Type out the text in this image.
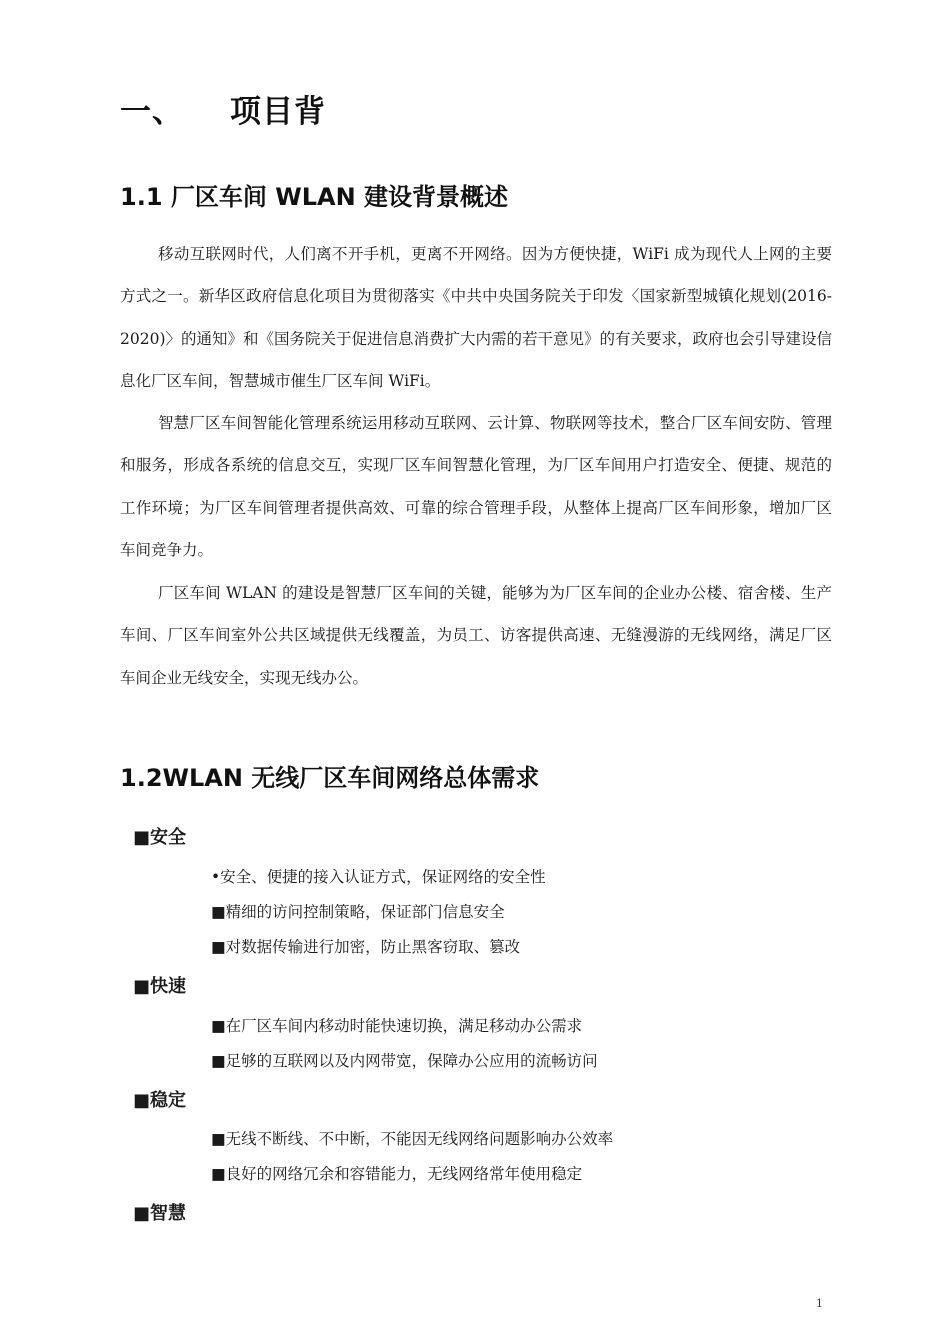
一、 项目背
1.1 厂区车间 WLAN 建设背景概述

移动互联网时代，人们离不开手机，更离不开网络。因为方便快捷，WiFi 成为现代人上网的主要方式之一。新华区政府信息化项目为贯彻落实《中共中央国务院关于印发〈国家新型城镇化规划(2016-2020)〉的通知》和《国务院关于促进信息消费扩大内需的若干意见》的有关要求，政府也会引导建设信息化厂区车间，智慧城市催生厂区车间 WiFi。

智慧厂区车间智能化管理系统运用移动互联网、云计算、物联网等技术，整合厂区车间安防、管理和服务，形成各系统的信息交互，实现厂区车间智慧化管理，为厂区车间用户打造安全、便捷、规范的工作环境；为厂区车间管理者提供高效、可靠的综合管理手段，从整体上提高厂区车间形象，增加厂区车间竞争力。

厂区车间 WLAN 的建设是智慧厂区车间的关键，能够为为厂区车间的企业办公楼、宿舍楼、生产车间、厂区车间室外公共区域提供无线覆盖，为员工、访客提供高速、无缝漫游的无线网络，满足厂区车间企业无线安全，实现无线办公。

1.2WLAN 无线厂区车间网络总体需求
■安全
•安全、便捷的接入认证方式，保证网络的安全性
■精细的访问控制策略，保证部门信息安全
■对数据传输进行加密，防止黑客窃取、篡改
■快速
■在厂区车间内移动时能快速切换，满足移动办公需求
■足够的互联网以及内网带宽，保障办公应用的流畅访问
■稳定
■无线不断线、不中断，不能因无线网络问题影响办公效率
■良好的网络冗余和容错能力，无线网络常年使用稳定
■智慧
1
